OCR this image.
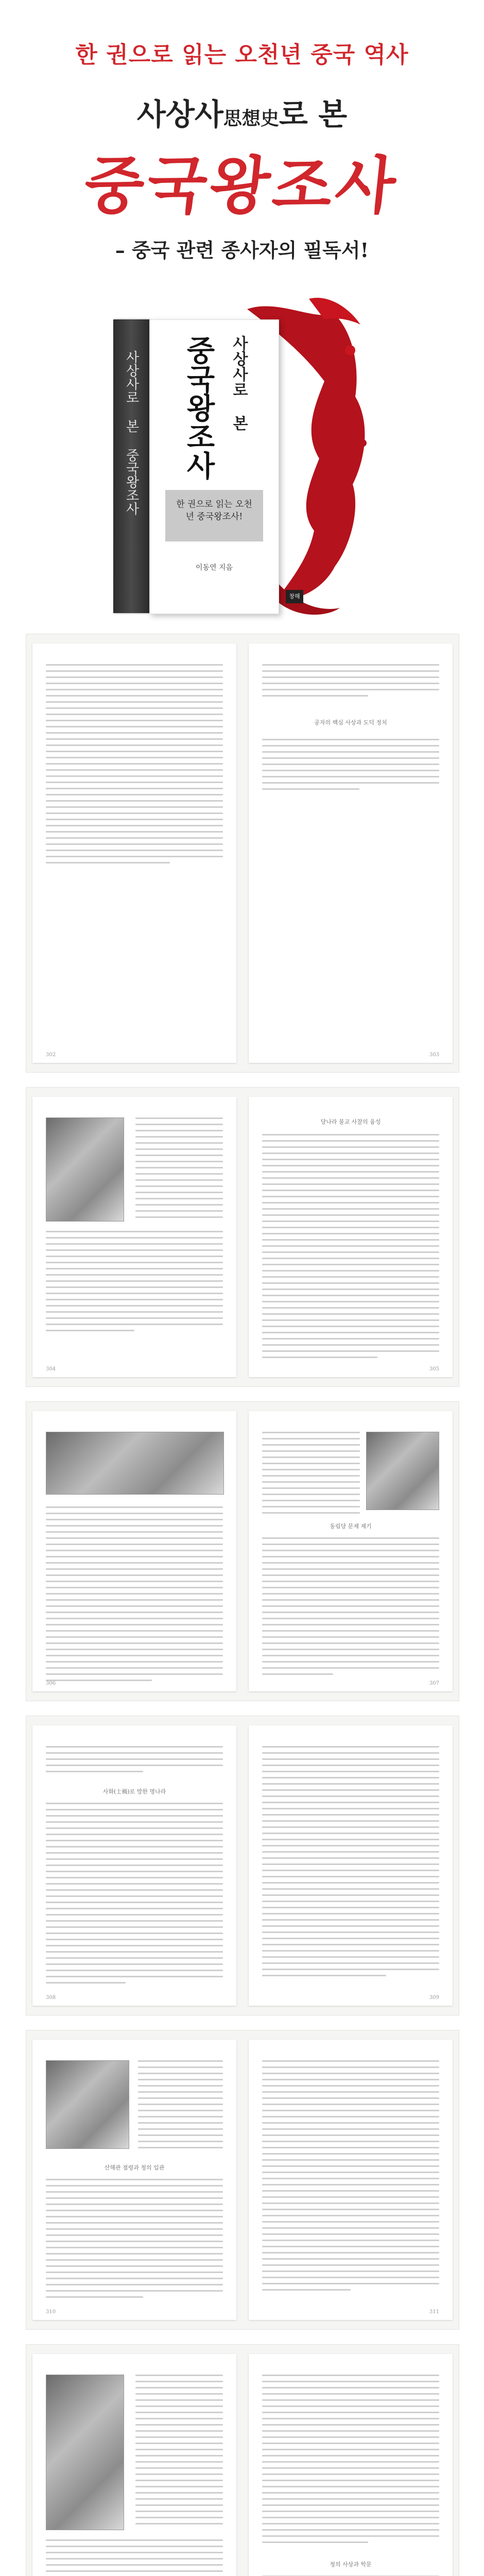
한 권으로 읽는 오천년 중국 역사
사상사思想史로 본
중국왕조사
– 중국 관련 종사자의 필독서!
사상사로 본 중국왕조사	사상사로 본
중국왕조사
한 권으로 읽는 오천년 중국왕조사!
이동연 지음
창해
302
공자의 핵심 사상과 도덕 정치
303
304
당나라 불교 사찰의 융성
305
306
동림당 문제 제기
307
사화(士禍)로 망한 명나라
308	309
산해관 점령과 청의 입관
310	311
청의 사상과 학문
